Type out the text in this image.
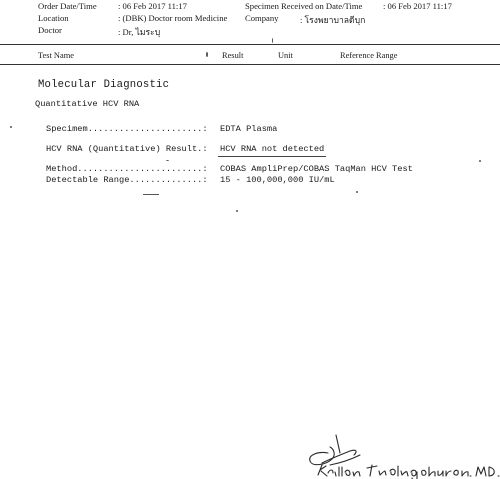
Order Date/Time : 06 Feb 2017 11:17	Specimen Received on Date/Time : 06 Feb 2017 11:17
Location	: (DBK) Doctor room Medicine Company	: โรงพยาบาลดีบุก
Doctor	: Dr, ไมระบุ
Test Name	Result	Unit	Reference Range
Molecular Diagnostic
Quantitative HCV RNA
Specimem......................: EDTA Plasma
HCV RNA (Quantitative) Result.: HCV RNA not detected
Method........................: COBAS AmpliPrep/COBAS TaqMan HCV Test
Detectable Range..............: 15 - 100,000,000 IU/mL
